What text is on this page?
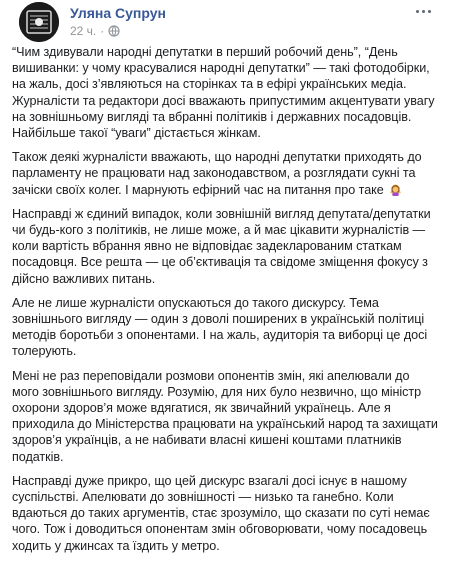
Уляна Супрун
22 ч. ·

“Чим здивували народні депутатки в перший робочий день”, “День вишиванки: у чому красувалися народні депутатки” — такі фотодобірки, на жаль, досі з’являються на сторінках та в ефірі українських медіа. Журналісти та редактори досі вважають припустимим акцентувати увагу на зовнішньому вигляді та вбранні політиків і державних посадовців. Найбільше такої “уваги” дістається жінкам.

Також деякі журналісти вважають, що народні депутатки приходять до парламенту не працювати над законодавством, а розглядати сукні та зачіски своїх колег. І марнують ефірний час на питання про таке

Насправді ж єдиний випадок, коли зовнішній вигляд депутата/депутатки чи будь-кого з політиків, не лише може, а й має цікавити журналістів — коли вартість вбрання явно не відповідає задекларованим статкам посадовця. Все решта — це об’єктивація та свідоме зміщення фокусу з дійсно важливих питань.

Але не лише журналісти опускаються до такого дискурсу. Тема зовнішнього вигляду — один з доволі поширених в українській політиці методів боротьби з опонентами. І на жаль, аудиторія та виборці це досі толерують.

Мені не раз переповідали розмови опонентів змін, які апелювали до мого зовнішнього вигляду. Розумію, для них було незвично, що міністр охорони здоров’я може вдягатися, як звичайний українець. Але я приходила до Міністерства працювати на український народ та захищати здоров’я українців, а не набивати власні кишені коштами платників податків.

Насправді дуже прикро, що цей дискурс взагалі досі існує в нашому суспільстві. Апелювати до зовнішності — низько та ганебно. Коли вдаються до таких аргументів, стає зрозуміло, що сказати по суті немає чого. Тож і доводиться опонентам змін обговорювати, чому посадовець ходить у джинсах та їздить у метро.
